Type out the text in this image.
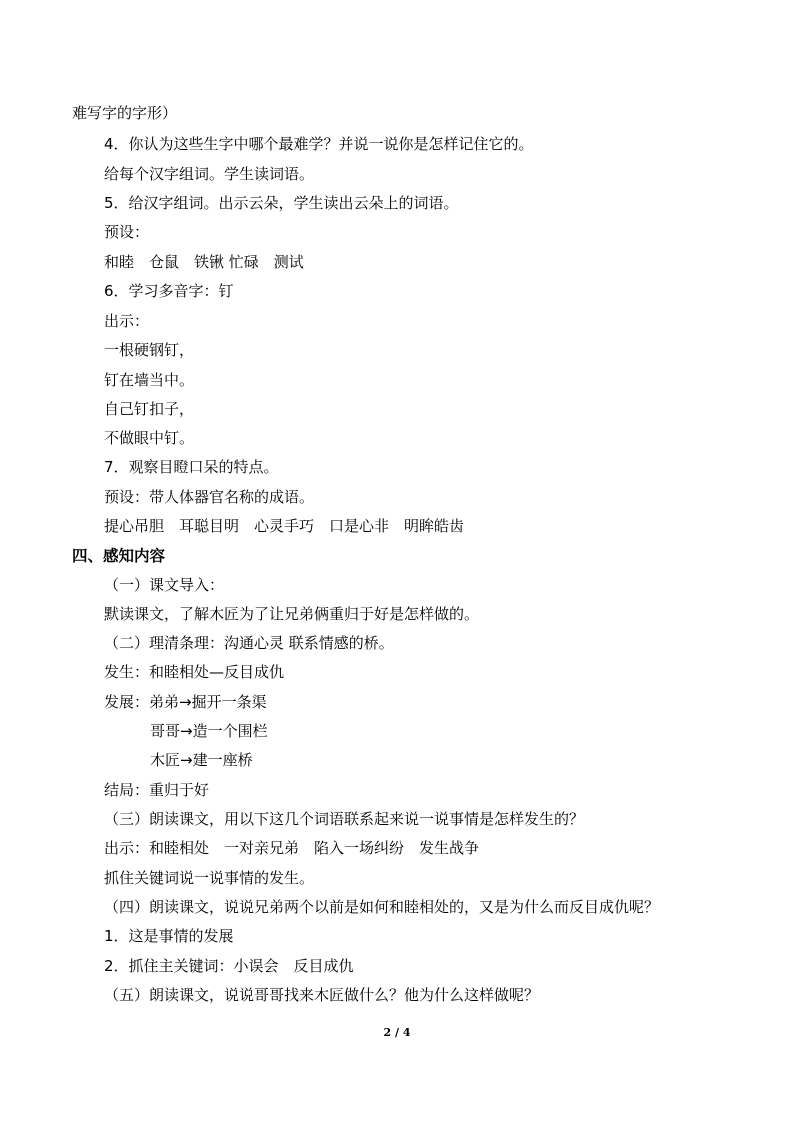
难写字的字形）

4．你认为这些生字中哪个最难学？并说一说你是怎样记住它的。

给每个汉字组词。学生读词语。

5．给汉字组词。出示云朵，学生读出云朵上的词语。

预设：

和睦　仓鼠　铁锹 忙碌　测试

6．学习多音字：钉

出示：

一根硬钢钉，

钉在墙当中。

自己钉扣子，

不做眼中钉。

7．观察目瞪口呆的特点。

预设：带人体器官名称的成语。

提心吊胆　耳聪目明　心灵手巧　口是心非　明眸皓齿

四、感知内容

（一）课文导入：

默读课文，了解木匠为了让兄弟俩重归于好是怎样做的。

（二）理清条理：沟通心灵 联系情感的桥。

发生：和睦相处—反目成仇

发展：弟弟→掘开一条渠

哥哥→造一个围栏

木匠→建一座桥

结局：重归于好

（三）朗读课文，用以下这几个词语联系起来说一说事情是怎样发生的？

出示：和睦相处　一对亲兄弟　陷入一场纠纷　发生战争

抓住关键词说一说事情的发生。

（四）朗读课文，说说兄弟两个以前是如何和睦相处的，又是为什么而反目成仇呢？

1．这是事情的发展

2．抓住主关键词：小误会　反目成仇

（五）朗读课文，说说哥哥找来木匠做什么？他为什么这样做呢？

2 / 4
